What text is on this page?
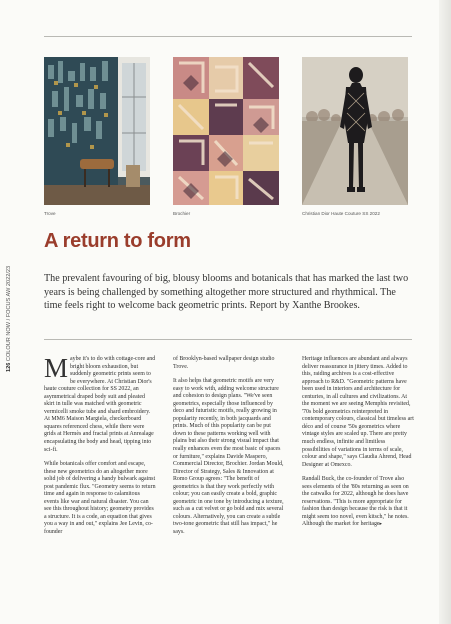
Trove	Brochier	Christian Dior Haute Couture SS 2022
126 COLOUR NOW / FOCUS AW 2022/23
A return to form

The prevalent favouring of big, blousy blooms and botanicals that has marked the last two years is being challenged by something altogether more structured and rhythmical. The time feels right to welcome back geometric prints. Report by Xanthe Brookes.

Maybe it's to do with cottage-core and bright bloom exhaustion, but suddenly geometric prints seem to be everywhere. At Christian Dior's haute couture collection for SS 2022, an asymmetrical draped body suit and pleated skirt in tulle was matched with geometric vermicelli smoke tube and shard embroidery. At MM6 Maison Margiela, checkerboard squares referenced chess, while there were grids at Hermès and fractal prints at Anrealage encapsulating the body and head, tipping into sci-fi.

While botanicals offer comfort and escape, these new geometrics do an altogether more solid job of delivering a handy bulwark against post pandemic flux. "Geometry seems to return time and again in response to calamitous events like war and natural disaster. You can see this throughout history; geometry provides a structure. It is a code, an equation that gives you a way in and out," explains Jee Levin, co-founder

of Brooklyn-based wallpaper design studio Trove.

It also helps that geometric motifs are very easy to work with, adding welcome structure and cohesion to design plans. "We've seen geometrics, especially those influenced by deco and futuristic motifs, really growing in popularity recently, in both jacquards and prints. Much of this popularity can be put down to these patterns working well with plains but also their strong visual impact that really enhances even the most basic of spaces or furniture," explains Davide Maspero, Commercial Director, Brochier. Jordan Mould, Director of Strategy, Sales & Innovation at Romo Group agrees: "The benefit of geometrics is that they work perfectly with colour; you can easily create a bold, graphic geometric in one tone by introducing a texture, such as a cut velvet or go bold and mix several colours. Alternatively, you can create a subtle two-tone geometric that still has impact," he says.

Heritage influences are abundant and always deliver reassurance in jittery times. Added to this, raiding archives is a cost-effective approach to R&D. "Geometric patterns have been used in interiors and architecture for centuries, in all cultures and civilizations. At the moment we are seeing Memphis revisited, '70s bold geometrics reinterpreted in contemporary colours, classical but timeless art déco and of course '50s geometrics where vintage styles are scaled up. There are pretty much endless, infinite and limitless possibilities of variations in terms of scale, colour and shape," says Claudia Ahrend, Head Designer at Omexco.

Randall Buck, the co-founder of Trove also sees elements of the '80s returning as seen on the catwalks for 2022, although he does have reservations. "This is more appropriate for fashion than design because the risk is that it might seem too novel, even kitsch," he notes. Although the market for heritage▸
